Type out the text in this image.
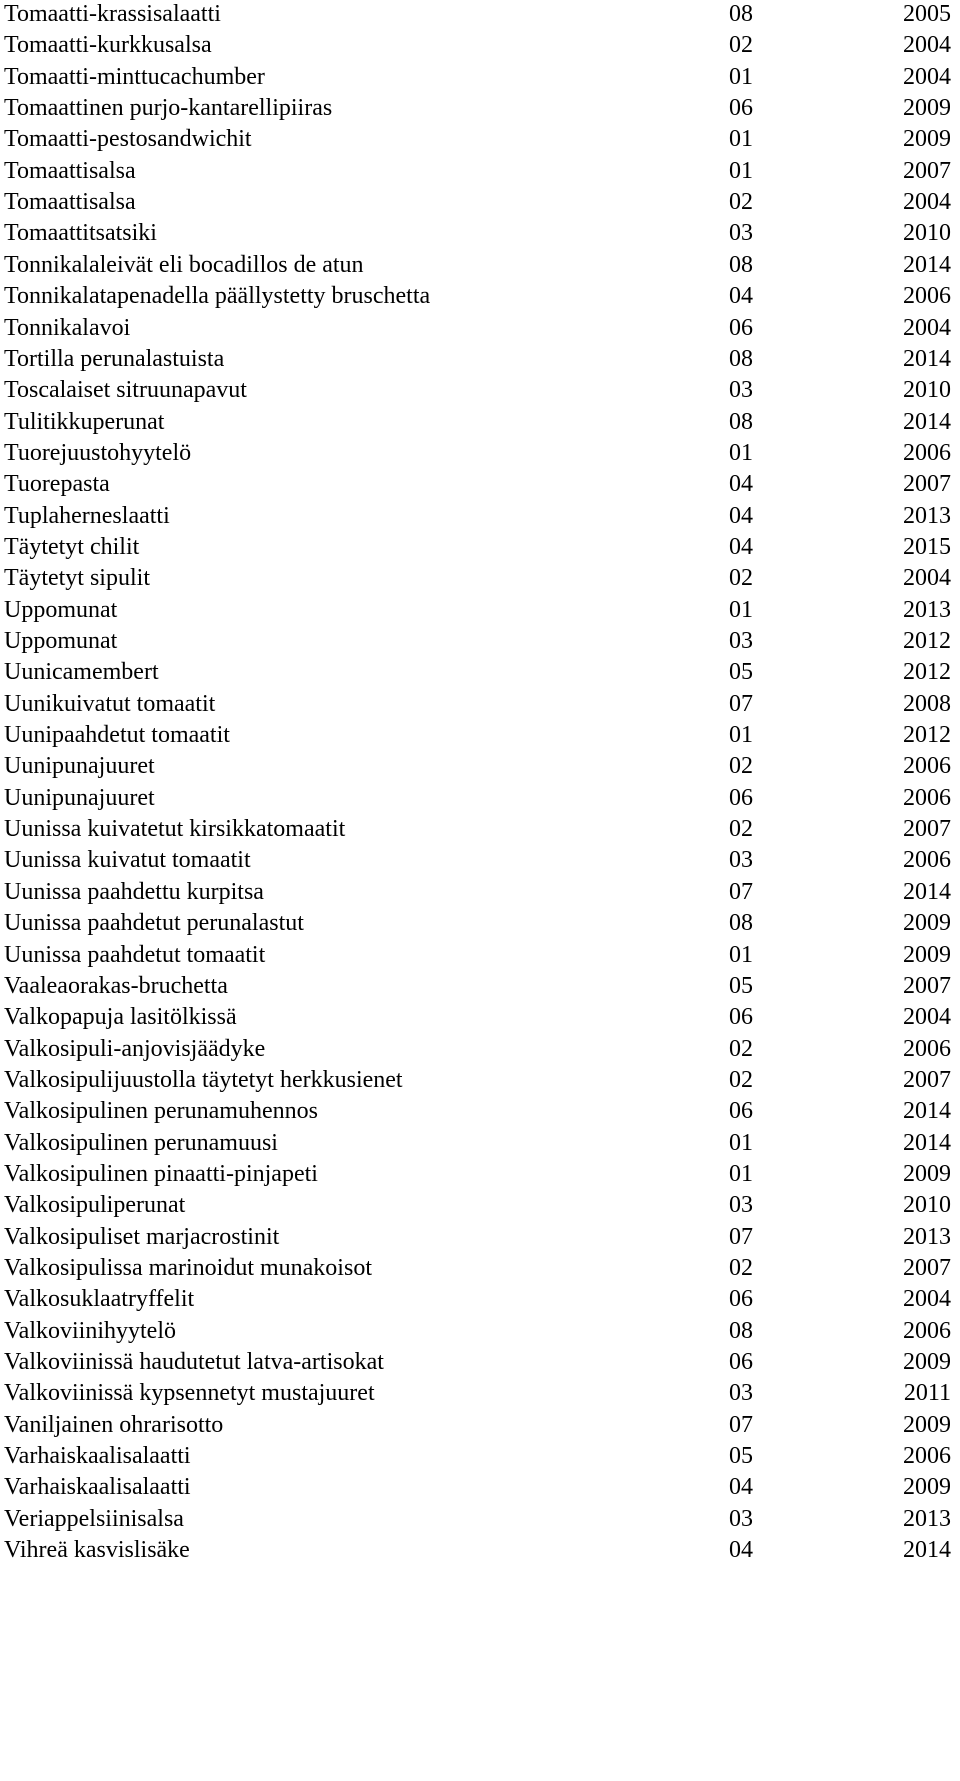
Tomaatti-krassisalaatti	08	2005
Tomaatti-kurkkusalsa	02	2004
Tomaatti-minttucachumber	01	2004
Tomaattinen purjo-kantarellipiiras	06	2009
Tomaatti-pestosandwichit	01	2009
Tomaattisalsa	01	2007
Tomaattisalsa	02	2004
Tomaattitsatsiki	03	2010
Tonnikalaleivät eli bocadillos de atun	08	2014
Tonnikalatapenadella päällystetty bruschetta	04	2006
Tonnikalavoi	06	2004
Tortilla perunalastuista	08	2014
Toscalaiset sitruunapavut	03	2010
Tulitikkuperunat	08	2014
Tuorejuustohyytelö	01	2006
Tuorepasta	04	2007
Tuplaherneslaatti	04	2013
Täytetyt chilit	04	2015
Täytetyt sipulit	02	2004
Uppomunat	01	2013
Uppomunat	03	2012
Uunicamembert	05	2012
Uunikuivatut tomaatit	07	2008
Uunipaahdetut tomaatit	01	2012
Uunipunajuuret	02	2006
Uunipunajuuret	06	2006
Uunissa kuivatetut kirsikkatomaatit	02	2007
Uunissa kuivatut tomaatit	03	2006
Uunissa paahdettu kurpitsa	07	2014
Uunissa paahdetut perunalastut	08	2009
Uunissa paahdetut tomaatit	01	2009
Vaaleaorakas-bruchetta	05	2007
Valkopapuja lasitölkissä	06	2004
Valkosipuli-anjovisjäädyke	02	2006
Valkosipulijuustolla täytetyt herkkusienet	02	2007
Valkosipulinen perunamuhennos	06	2014
Valkosipulinen perunamuusi	01	2014
Valkosipulinen pinaatti-pinjapeti	01	2009
Valkosipuliperunat	03	2010
Valkosipuliset marjacrostinit	07	2013
Valkosipulissa marinoidut munakoisot	02	2007
Valkosuklaatryffelit	06	2004
Valkoviinihyytelö	08	2006
Valkoviinissä haudutetut latva-artisokat	06	2009
Valkoviinissä kypsennetyt mustajuuret	03	2011
Vaniljainen ohrarisotto	07	2009
Varhaiskaalisalaatti	05	2006
Varhaiskaalisalaatti	04	2009
Veriappelsiinisalsa	03	2013
Vihreä kasvislisäke	04	2014
